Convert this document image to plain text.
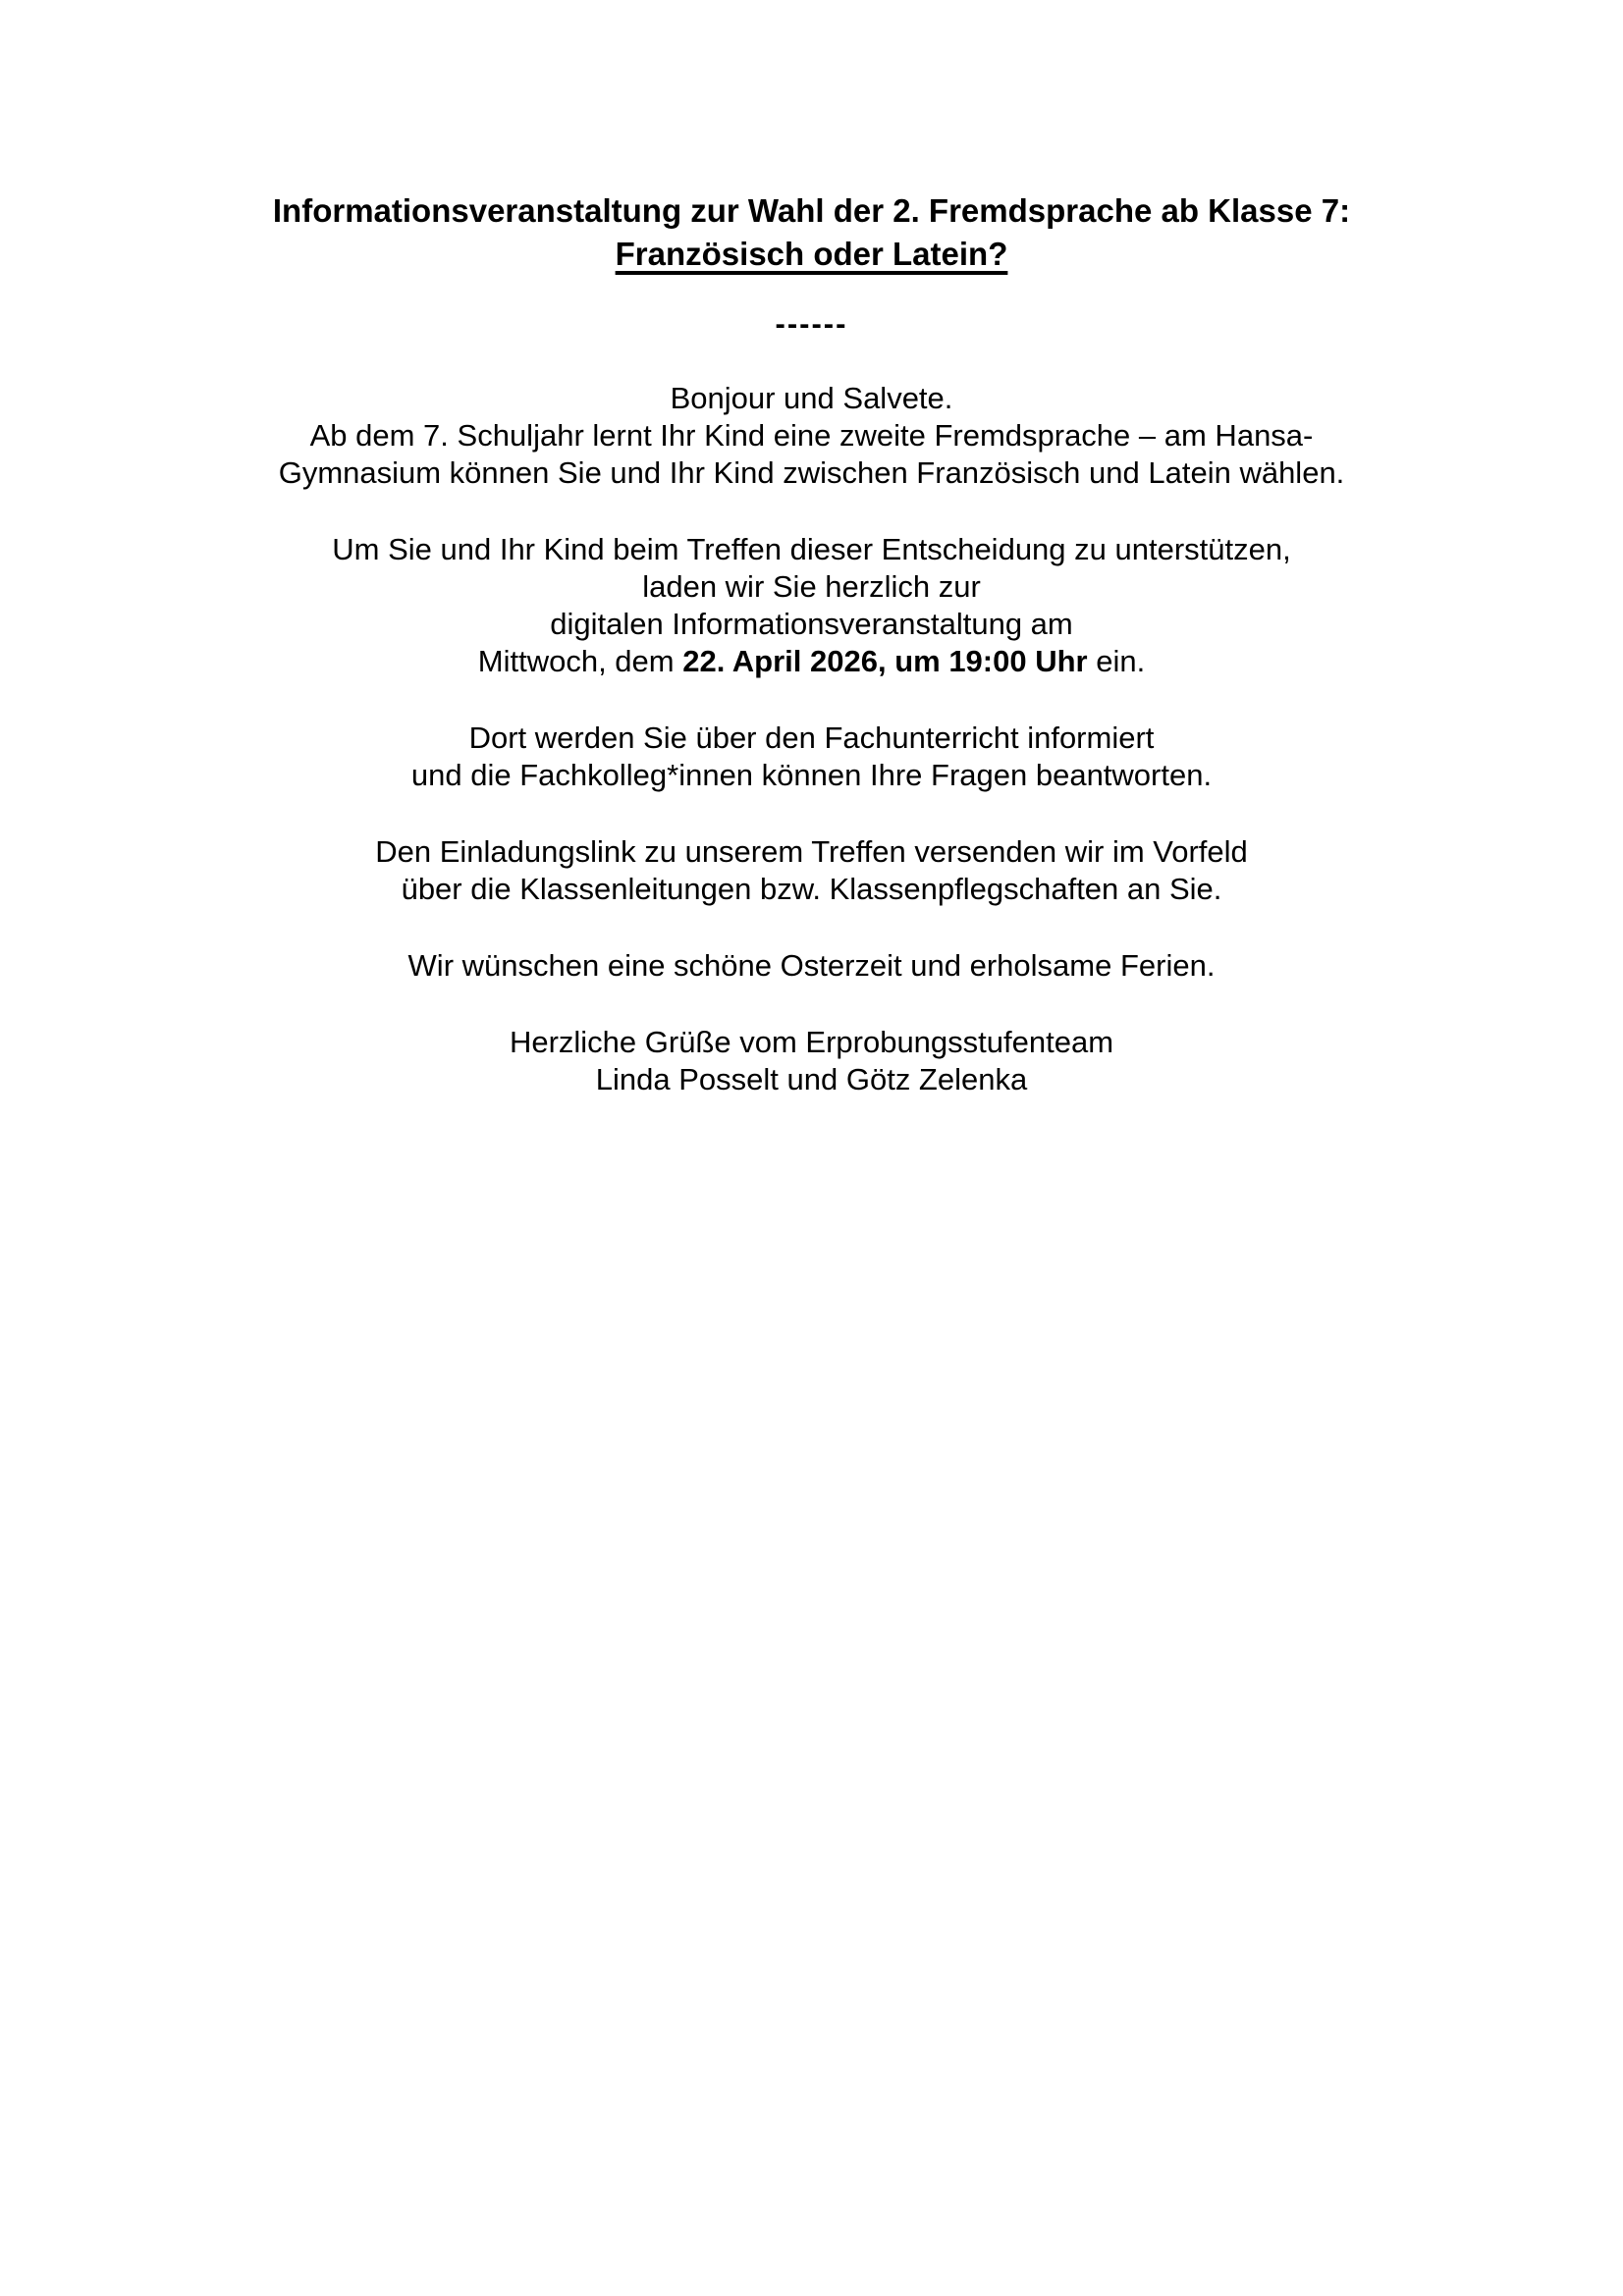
Informationsveranstaltung zur Wahl der 2. Fremdsprache ab Klasse 7:
Französisch oder Latein?
------
Bonjour und Salvete.
Ab dem 7. Schuljahr lernt Ihr Kind eine zweite Fremdsprache – am Hansa-
Gymnasium können Sie und Ihr Kind zwischen Französisch und Latein wählen.
Um Sie und Ihr Kind beim Treffen dieser Entscheidung zu unterstützen,
laden wir Sie herzlich zur
digitalen Informationsveranstaltung am
Mittwoch, dem 22. April 2026, um 19:00 Uhr ein.
Dort werden Sie über den Fachunterricht informiert
und die Fachkolleg*innen können Ihre Fragen beantworten.
Den Einladungslink zu unserem Treffen versenden wir im Vorfeld
über die Klassenleitungen bzw. Klassenpflegschaften an Sie.
Wir wünschen eine schöne Osterzeit und erholsame Ferien.
Herzliche Grüße vom Erprobungsstufenteam
Linda Posselt und Götz Zelenka
